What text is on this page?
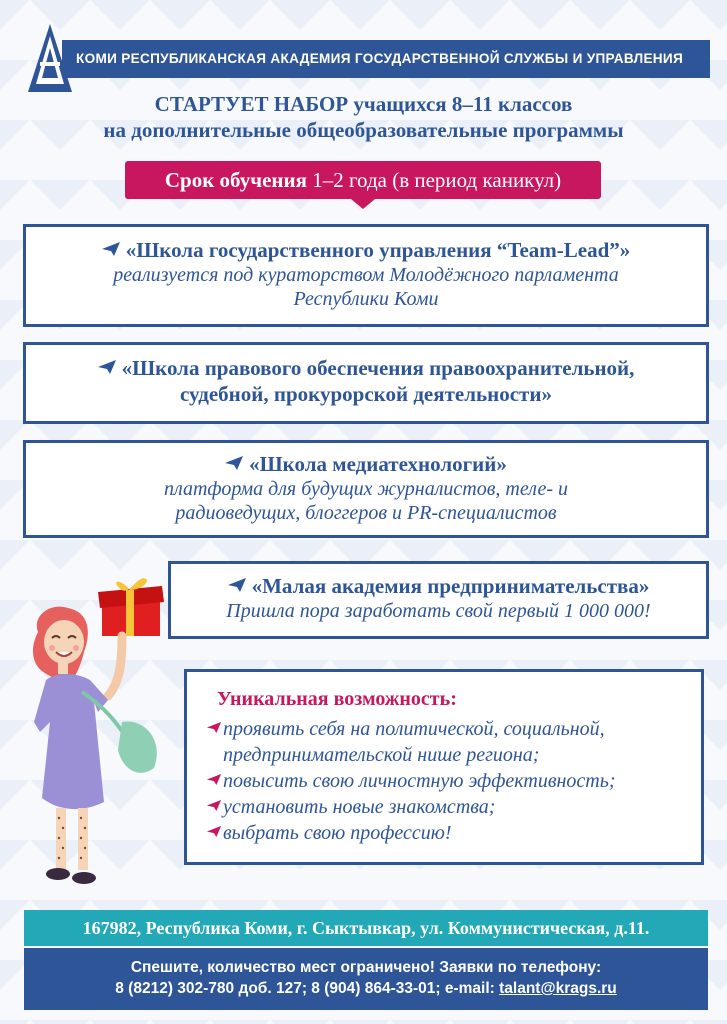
КОМИ РЕСПУБЛИКАНСКАЯ АКАДЕМИЯ ГОСУДАРСТВЕННОЙ СЛУЖБЫ И УПРАВЛЕНИЯ
СТАРТУЕТ НАБОР учащихся 8–11 классов
на дополнительные общеобразовательные программы
Срок обучения 1–2 года (в период каникул)
«Школа государственного управления “Team-Lead”»
реализуется под кураторством Молодёжного парламента
Республики Коми
«Школа правового обеспечения правоохранительной,
судебной, прокурорской деятельности»
«Школа медиатехнологий»
платформа для будущих журналистов, теле- и
радиоведущих, блоггеров и PR-специалистов
«Малая академия предпринимательства»
Пришла пора заработать свой первый 1 000 000!
Уникальная возможность:
проявить себя на политической, социальной,
предпринимательской нише региона;
повысить свою личностную эффективность;
установить новые знакомства;
выбрать свою профессию!
167982, Республика Коми, г. Сыктывкар, ул. Коммунистическая, д.11.
Спешите, количество мест ограничено! Заявки по телефону:
8 (8212) 302-780 доб. 127; 8 (904) 864-33-01; e-mail: talant@krags.ru
